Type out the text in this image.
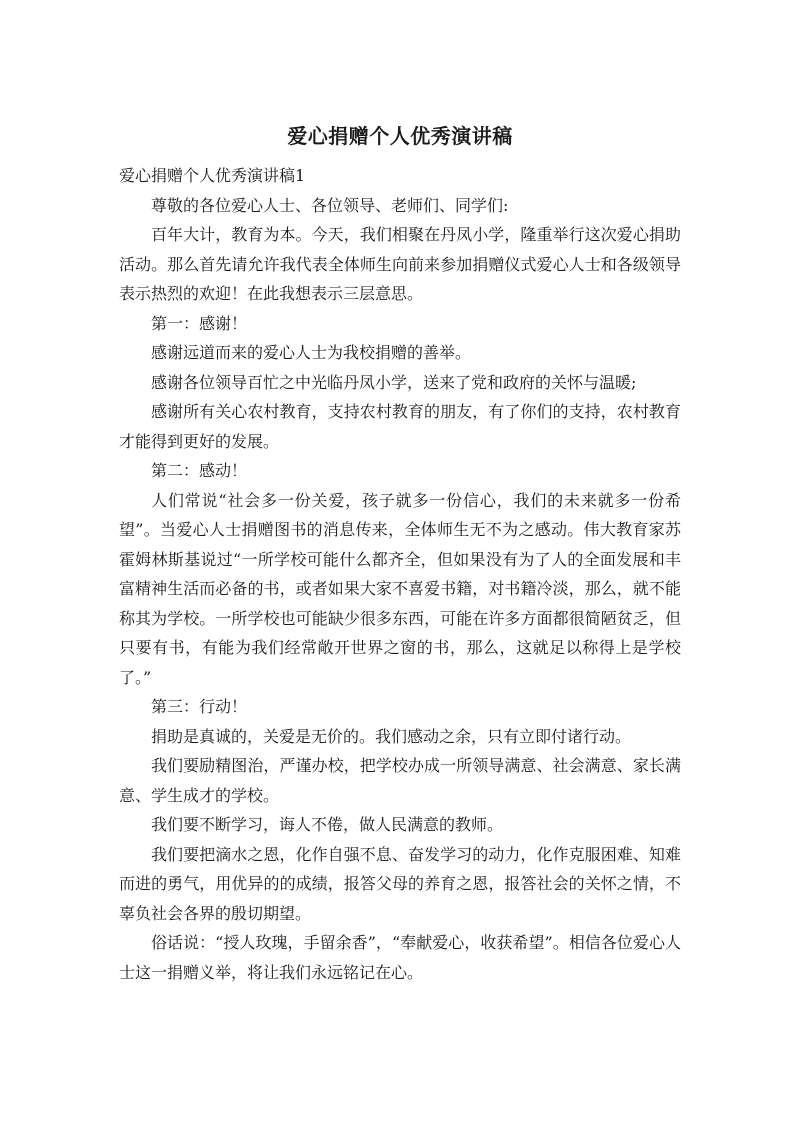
爱心捐赠个人优秀演讲稿

爱心捐赠个人优秀演讲稿1

尊敬的各位爱心人士、各位领导、老师们、同学们:

百年大计，教育为本。今天，我们相聚在丹凤小学，隆重举行这次爱心捐助活动。那么首先请允许我代表全体师生向前来参加捐赠仪式爱心人士和各级领导表示热烈的欢迎！在此我想表示三层意思。

第一：感谢！

感谢远道而来的爱心人士为我校捐赠的善举。

感谢各位领导百忙之中光临丹凤小学，送来了党和政府的关怀与温暖;

感谢所有关心农村教育，支持农村教育的朋友，有了你们的支持，农村教育才能得到更好的发展。

第二：感动！

人们常说“社会多一份关爱，孩子就多一份信心，我们的未来就多一份希望”。当爱心人士捐赠图书的消息传来，全体师生无不为之感动。伟大教育家苏霍姆林斯基说过“一所学校可能什么都齐全，但如果没有为了人的全面发展和丰富精神生活而必备的书，或者如果大家不喜爱书籍，对书籍冷淡，那么，就不能称其为学校。一所学校也可能缺少很多东西，可能在许多方面都很简陋贫乏，但只要有书，有能为我们经常敞开世界之窗的书，那么，这就足以称得上是学校了。”

第三：行动！

捐助是真诚的，关爱是无价的。我们感动之余，只有立即付诸行动。

我们要励精图治，严谨办校，把学校办成一所领导满意、社会满意、家长满意、学生成才的学校。

我们要不断学习，诲人不倦，做人民满意的教师。

我们要把滴水之恩，化作自强不息、奋发学习的动力，化作克服困难、知难而进的勇气，用优异的的成绩，报答父母的养育之恩，报答社会的关怀之情，不辜负社会各界的殷切期望。

俗话说：“授人玫瑰，手留余香”，“奉献爱心，收获希望”。相信各位爱心人士这一捐赠义举，将让我们永远铭记在心。
